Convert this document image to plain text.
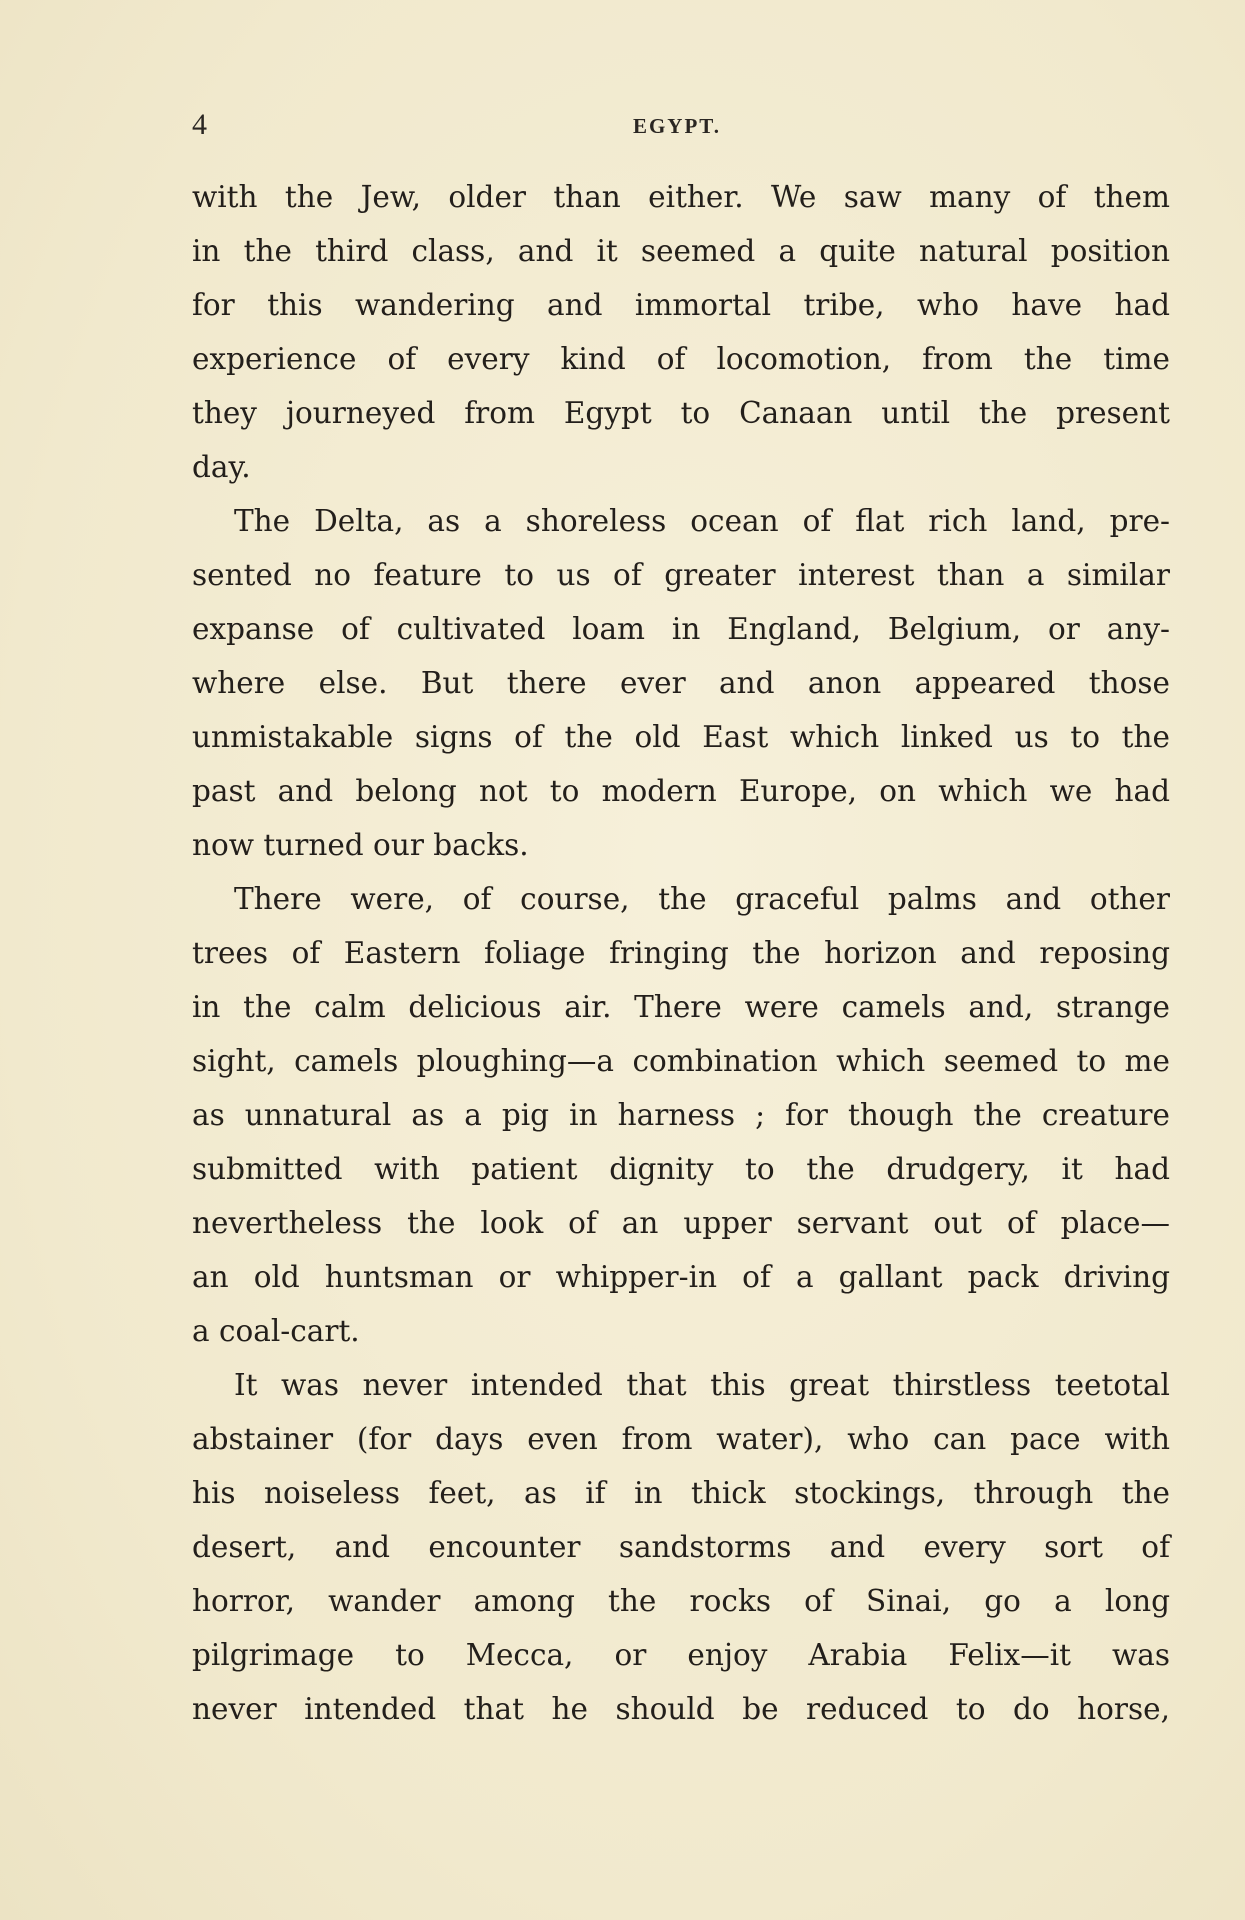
4	EGYPT.
with the Jew, older than either. We saw many of them
in the third class, and it seemed a quite natural position
for this wandering and immortal tribe, who have had
experience of every kind of locomotion, from the time
they journeyed from Egypt to Canaan until the present
day.
The Delta, as a shoreless ocean of flat rich land, pre-
sented no feature to us of greater interest than a similar
expanse of cultivated loam in England, Belgium, or any-
where else. But there ever and anon appeared those
unmistakable signs of the old East which linked us to the
past and belong not to modern Europe, on which we had
now turned our backs.
There were, of course, the graceful palms and other
trees of Eastern foliage fringing the horizon and reposing
in the calm delicious air. There were camels and, strange
sight, camels ploughing—a combination which seemed to me
as unnatural as a pig in harness ; for though the creature
submitted with patient dignity to the drudgery, it had
nevertheless the look of an upper servant out of place—
an old huntsman or whipper-in of a gallant pack driving
a coal-cart.
It was never intended that this great thirstless teetotal
abstainer (for days even from water), who can pace with
his noiseless feet, as if in thick stockings, through the
desert, and encounter sandstorms and every sort of
horror, wander among the rocks of Sinai, go a long
pilgrimage to Mecca, or enjoy Arabia Felix—it was
never intended that he should be reduced to do horse,
